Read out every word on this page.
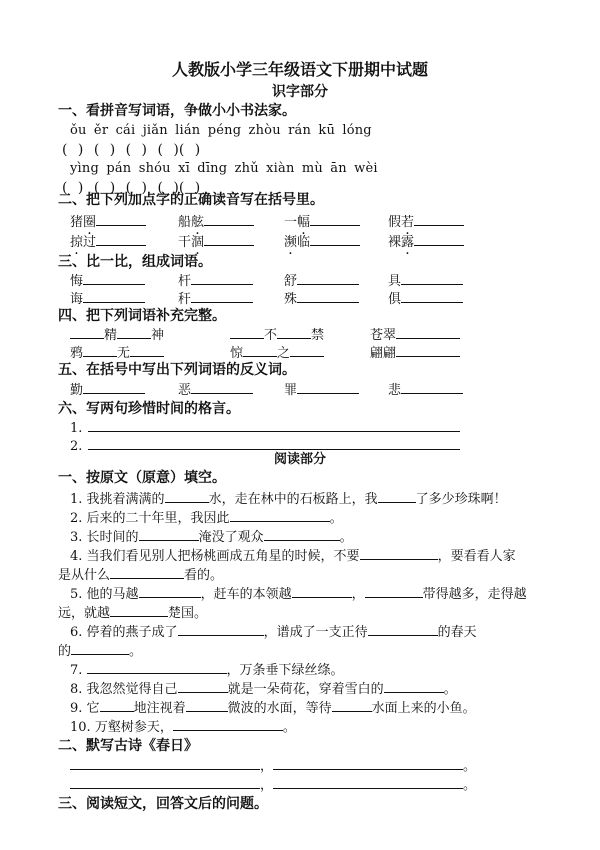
人教版小学三年级语文下册期中试题
识字部分
一、看拼音写词语，争做小小书法家。
ǒu ěr cái jiǎn lián péng zhòu rán kū lóng
( ) ( ) ( ) ( )( )
yìng pán shóu xī dīng zhǔ xiàn mù ān wèi
( ) ( ) ( ) ( )( )
二、把下列加点字的正确读音写在括号里。
猪圈	船舷	一幅	假若
掠过	干涸	濒临	裸露
三、比一比，组成词语。
悔	杆	舒	具
诲	秆	殊	俱
四、把下列词语补充完整。
精	神	不	禁	苍翠
鸦	无	惊	之	翩翩
五、在括号中写出下列词语的反义词。
勤	恶	罪	悲
六、写两句珍惜时间的格言。
1.
2.
阅读部分
一、按原文（原意）填空。
1. 我挑着满满的	水，走在林中的石板路上，我	了多少珍珠啊！
2. 后来的二十年里，我因此	。
3. 长时间的	淹没了观众	。
4. 当我们看见别人把杨桃画成五角星的时候，不要	，要看看人家
是从什么	看的。
5. 他的马越	，赶车的本领越	，	带得越多，走得越
远，就越	楚国。
6. 停着的燕子成了	，谱成了一支正待	的春天
的	。
7.	，万条垂下绿丝绦。
8. 我忽然觉得自己	就是一朵荷花，穿着雪白的	。
9. 它	地注视着	微波的水面，等待	水面上来的小鱼。
10. 万壑树参天，	。
二、默写古诗《春日》
，	。
，	。
三、阅读短文，回答文后的问题。
